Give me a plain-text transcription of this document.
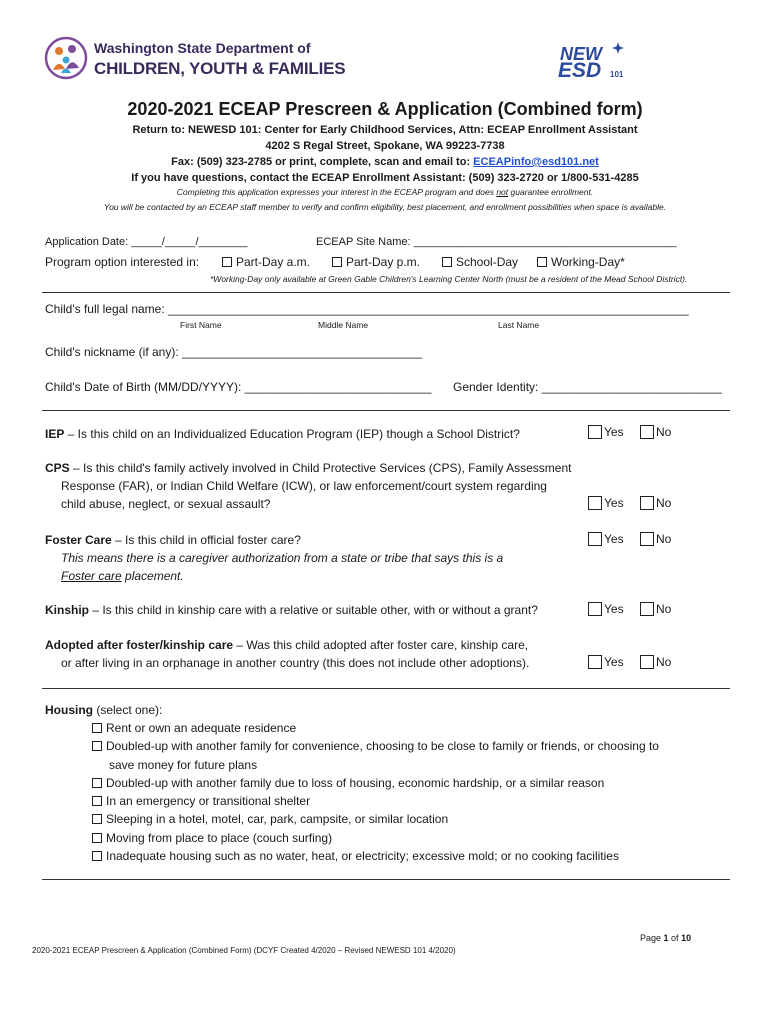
Washington State Department of
CHILDREN, YOUTH & FAMILIES
NEW
ESD 101
2020-2021 ECEAP Prescreen & Application (Combined form)
Return to: NEWESD 101: Center for Early Childhood Services, Attn: ECEAP Enrollment Assistant
4202 S Regal Street, Spokane, WA 99223-7738
Fax: (509) 323-2785 or print, complete, scan and email to: ECEAPinfo@esd101.net
If you have questions, contact the ECEAP Enrollment Assistant: (509) 323-2720 or 1/800-531-4285
Completing this application expresses your interest in the ECEAP program and does not guarantee enrollment.
You will be contacted by an ECEAP staff member to verify and confirm eligibility, best placement, and enrollment possibilities when space is available.
Application Date: _____/_____/________	ECEAP Site Name: ___________________________________________
Program option interested in:	Part-Day a.m.	Part-Day p.m.	School-Day	Working-Day*
*Working-Day only available at Green Gable Children's Learning Center North (must be a resident of the Mead School District).
Child's full legal name: ______________________________________________________________________________
First Name	Middle Name	Last Name
Child's nickname (if any): ____________________________________
Child's Date of Birth (MM/DD/YYYY): ____________________________ Gender Identity: ___________________________
IEP – Is this child on an Individualized Education Program (IEP) though a School District?	Yes	No
CPS – Is this child's family actively involved in Child Protective Services (CPS), Family Assessment
Response (FAR), or Indian Child Welfare (ICW), or law enforcement/court system regarding
child abuse, neglect, or sexual assault?	Yes	No
Foster Care – Is this child in official foster care?
This means there is a caregiver authorization from a state or tribe that says this is a
Foster care placement.
Yes	No
Kinship – Is this child in kinship care with a relative or suitable other, with or without a grant?	Yes	No
Adopted after foster/kinship care – Was this child adopted after foster care, kinship care,
or after living in an orphanage in another country (this does not include other adoptions).	Yes	No
Housing (select one):
Rent or own an adequate residence
Doubled-up with another family for convenience, choosing to be close to family or friends, or choosing to
save money for future plans
Doubled-up with another family due to loss of housing, economic hardship, or a similar reason
In an emergency or transitional shelter
Sleeping in a hotel, motel, car, park, campsite, or similar location
Moving from place to place (couch surfing)
Inadequate housing such as no water, heat, or electricity; excessive mold; or no cooking facilities
Page 1 of 10
2020-2021 ECEAP Prescreen & Application (Combined Form) (DCYF Created 4/2020 – Revised NEWESD 101 4/2020)
